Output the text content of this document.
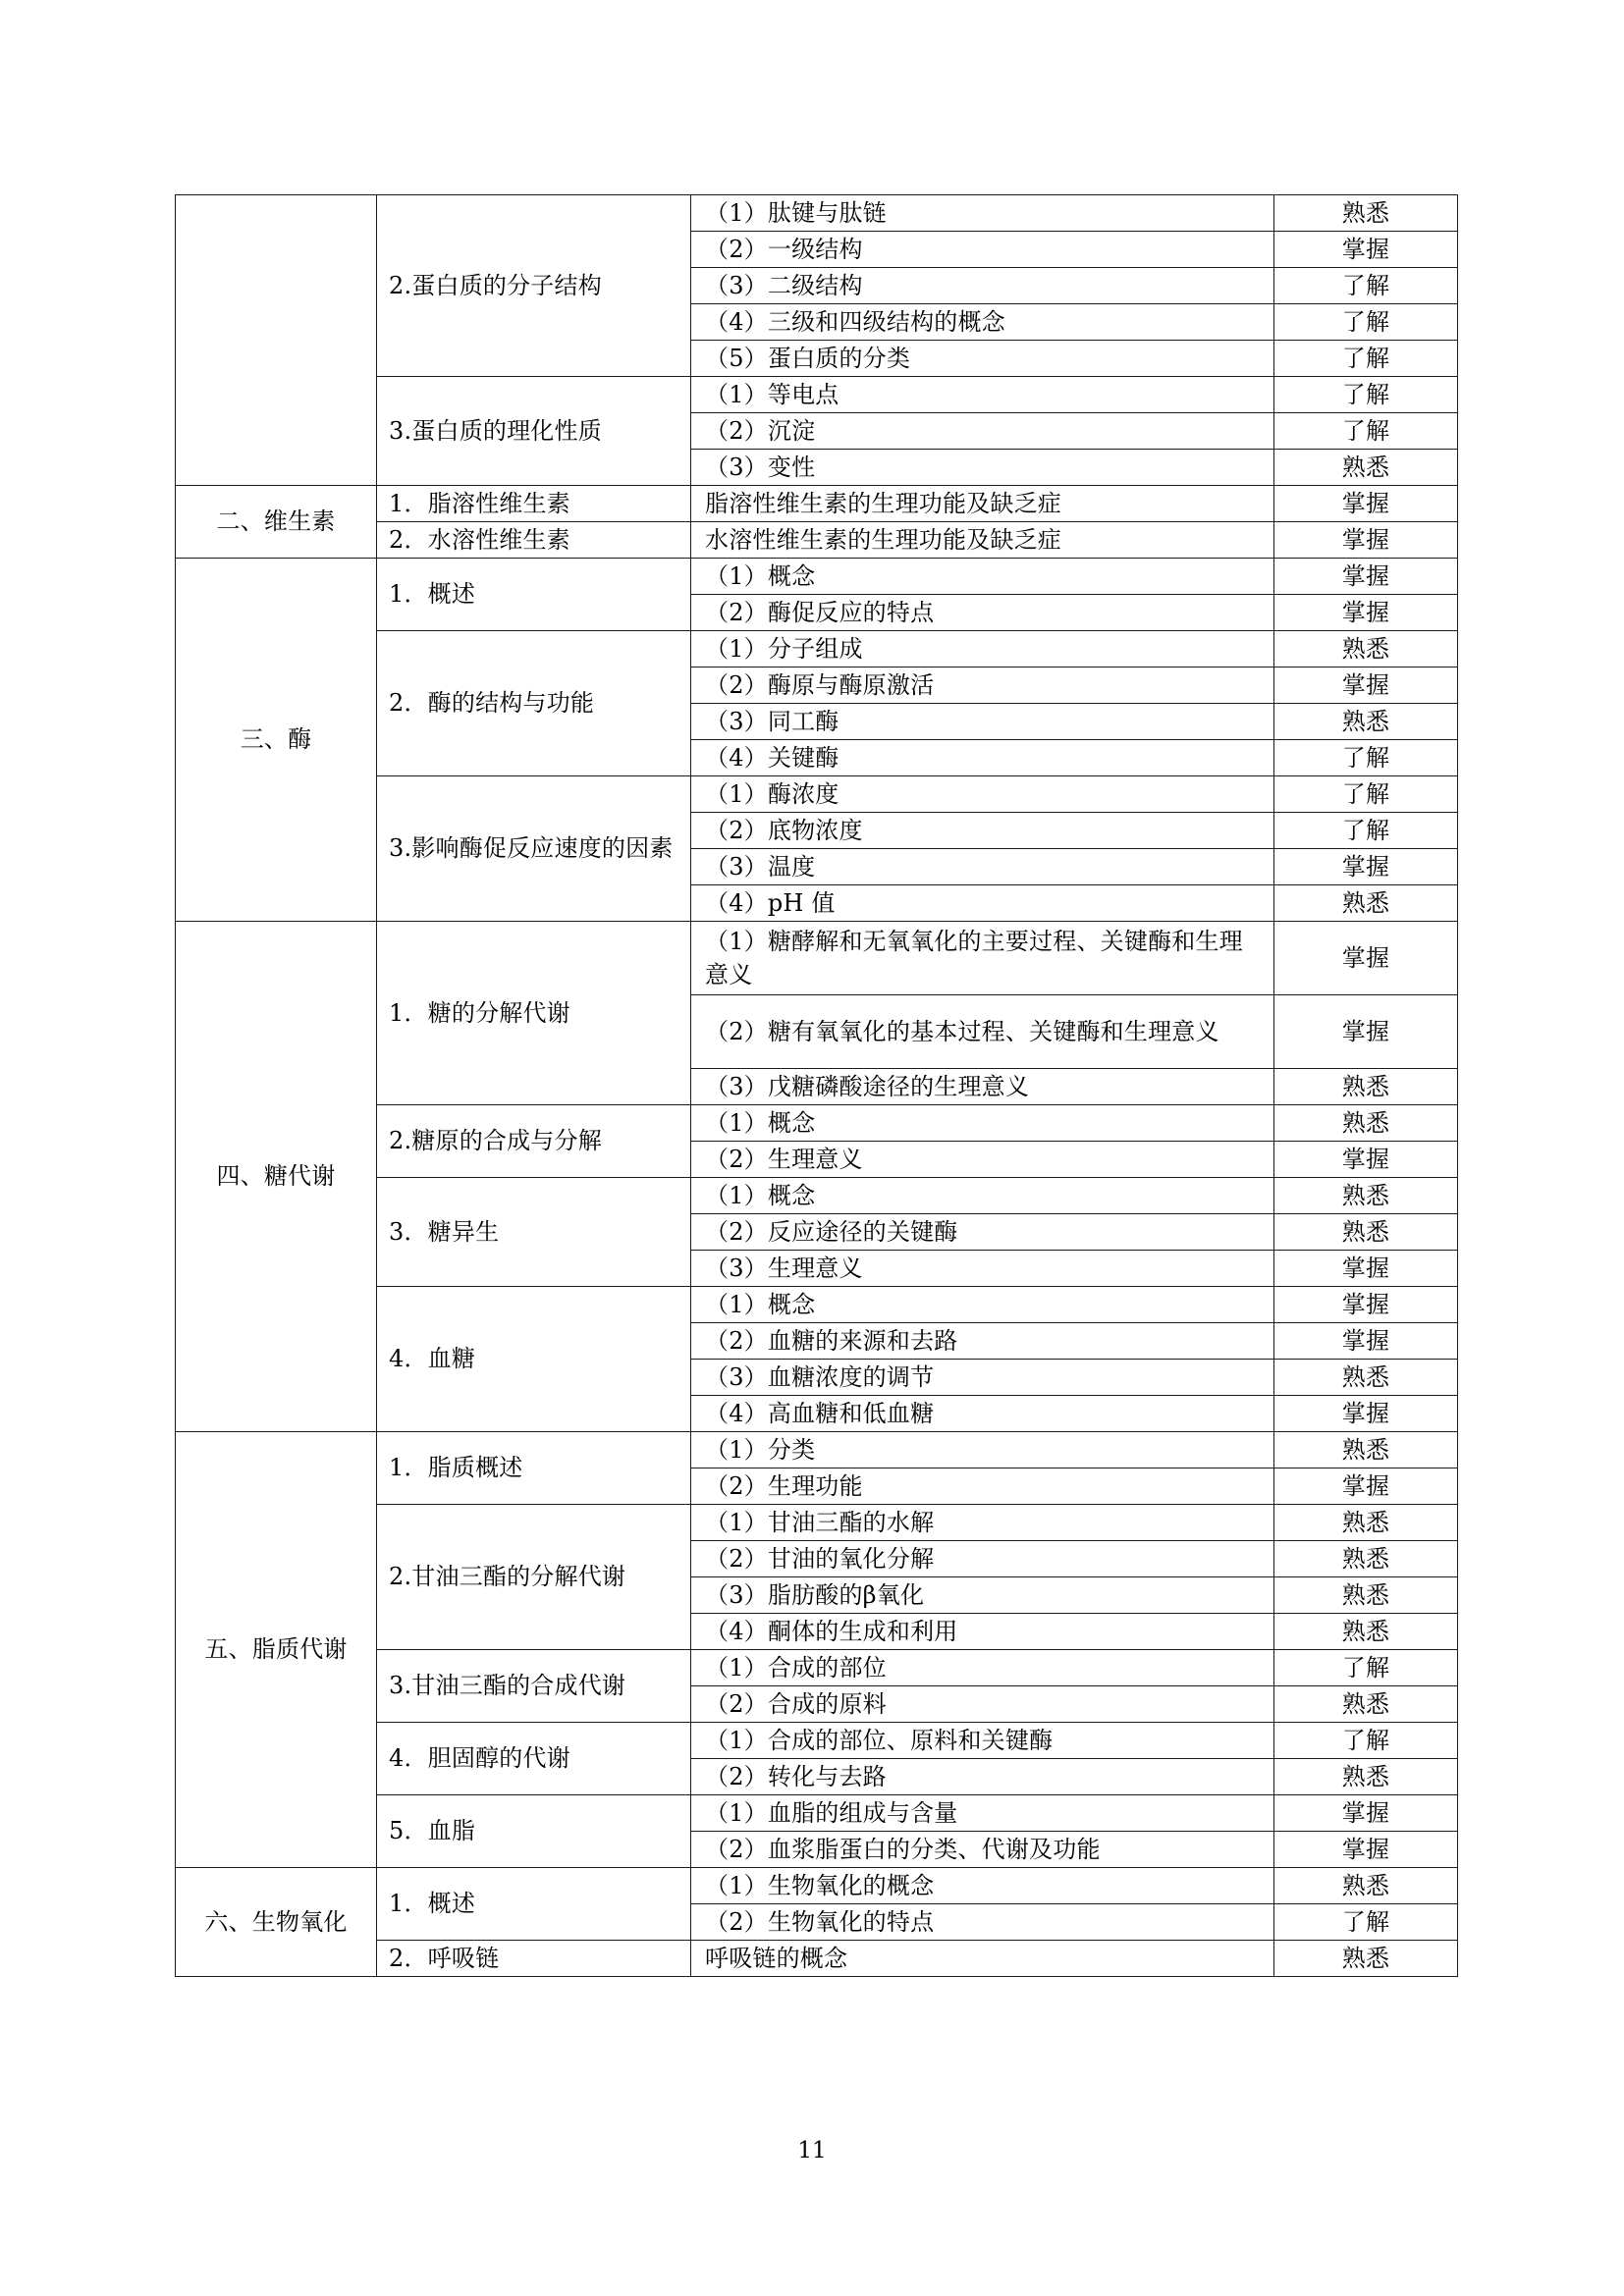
	2.蛋白质的分子结构	（1）肽键与肽链	熟悉
		（2）一级结构	掌握
		（3）二级结构	了解
		（4）三级和四级结构的概念	了解
		（5）蛋白质的分类	了解
	3.蛋白质的理化性质	（1）等电点	了解
		（2）沉淀	了解
		（3）变性	熟悉
二、维生素	1．脂溶性维生素	脂溶性维生素的生理功能及缺乏症	掌握
	2．水溶性维生素	水溶性维生素的生理功能及缺乏症	掌握
三、酶	1．概述	（1）概念	掌握
		（2）酶促反应的特点	掌握
	2．酶的结构与功能	（1）分子组成	熟悉
		（2）酶原与酶原激活	掌握
		（3）同工酶	熟悉
		（4）关键酶	了解
	3.影响酶促反应速度的因素	（1）酶浓度	了解
		（2）底物浓度	了解
		（3）温度	掌握
		（4）pH 值	熟悉
四、糖代谢	1．糖的分解代谢	（1）糖酵解和无氧氧化的主要过程、关键酶和生理意义	掌握
		（2）糖有氧氧化的基本过程、关键酶和生理意义	掌握
		（3）戊糖磷酸途径的生理意义	熟悉
	2.糖原的合成与分解	（1）概念	熟悉
		（2）生理意义	掌握
	3．糖异生	（1）概念	熟悉
		（2）反应途径的关键酶	熟悉
		（3）生理意义	掌握
	4．血糖	（1）概念	掌握
		（2）血糖的来源和去路	掌握
		（3）血糖浓度的调节	熟悉
		（4）高血糖和低血糖	掌握
五、脂质代谢	1．脂质概述	（1）分类	熟悉
		（2）生理功能	掌握
	2.甘油三酯的分解代谢	（1）甘油三酯的水解	熟悉
		（2）甘油的氧化分解	熟悉
		（3）脂肪酸的β氧化	熟悉
		（4）酮体的生成和利用	熟悉
	3.甘油三酯的合成代谢	（1）合成的部位	了解
		（2）合成的原料	熟悉
	4．胆固醇的代谢	（1）合成的部位、原料和关键酶	了解
		（2）转化与去路	熟悉
	5．血脂	（1）血脂的组成与含量	掌握
		（2）血浆脂蛋白的分类、代谢及功能	掌握
六、生物氧化	1．概述	（1）生物氧化的概念	熟悉
		（2）生物氧化的特点	了解
	2．呼吸链	呼吸链的概念	熟悉
11
